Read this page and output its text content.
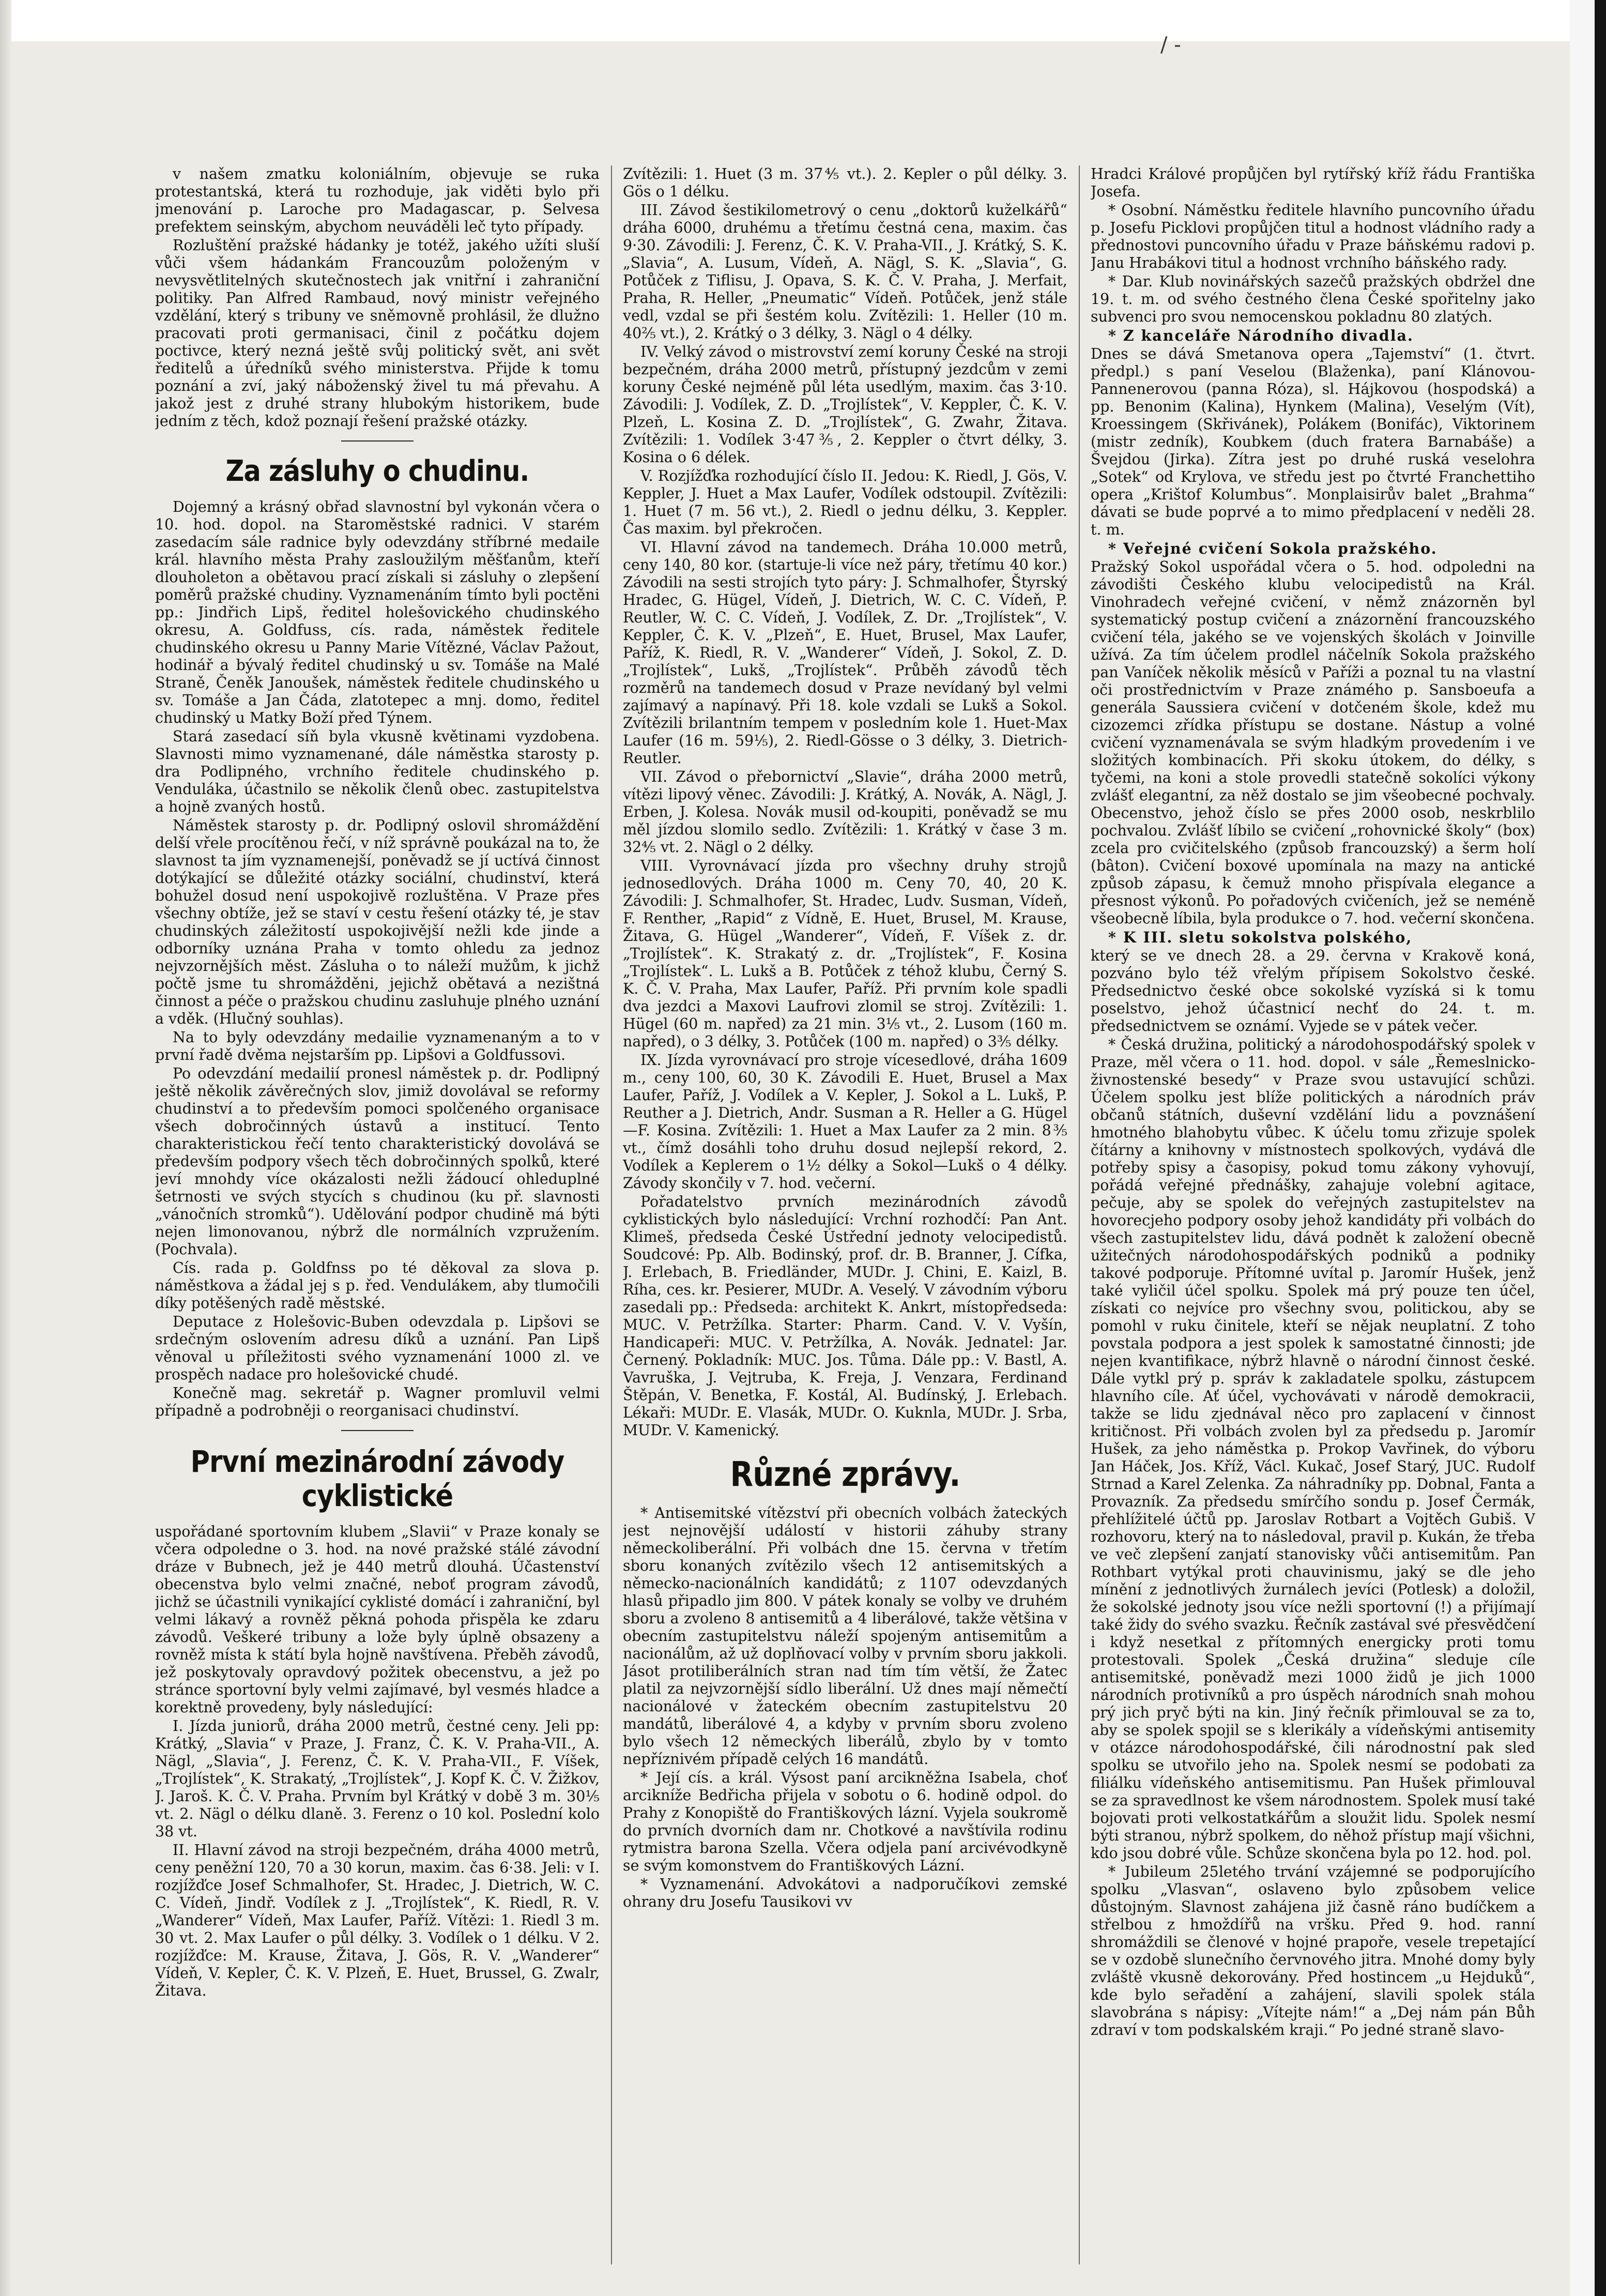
/ -

v našem zmatku koloniálním, objevuje se ruka protestantská, která tu rozhoduje, jak viděti bylo při jmenování p. Laroche pro Madagascar, p. Selvesa prefektem seinským, abychom neuváděli leč tyto případy.

Rozluštění pražské hádanky je totéž, jakého užíti sluší vůči všem hádankám Francouzům položeným v nevysvětlitelných skutečnostech jak vnitřní i zahraniční politiky. Pan Alfred Rambaud, nový ministr veřejného vzdělání, který s tribuny ve sněmovně prohlásil, že dlužno pracovati proti germanisaci, činil z počátku dojem poctivce, který nezná ještě svůj politický svět, ani svět ředitelů a úředníků svého ministerstva. Přijde k tomu poznání a zví, jaký náboženský živel tu má převahu. A jakož jest z druhé strany hlubokým historikem, bude jedním z těch, kdož poznají řešení pražské otázky.

Za zásluhy o chudinu.

Dojemný a krásný obřad slavnostní byl vykonán včera o 10. hod. dopol. na Staroměstské radnici. V starém zasedacím sále radnice byly odevzdány stříbrné medaile král. hlavního města Prahy zasloužilým měšťanům, kteří dlouholeton a obětavou prací získali si zásluhy o zlepšení poměrů pražské chudiny. Vyznamenáním tímto byli poctěni pp.: Jindřich Lipš, ředitel holešovického chudinského okresu, A. Goldfuss, cís. rada, náměstek ředitele chudinského okresu u Panny Marie Vítězné, Václav Pažout, hodinář a bývalý ředitel chudinský u sv. Tomáše na Malé Straně, Čeněk Janoušek, náměstek ředitele chudinského u sv. Tomáše a Jan Čáda, zlatotepec a mnj. domo, ředitel chudinský u Matky Boží před Týnem.

Stará zasedací síň byla vkusně květinami vyzdobena. Slavnosti mimo vyznamenané, dále náměstka starosty p. dra Podlipného, vrchního ředitele chudinského p. Venduláka, účastnilo se několik členů obec. zastupitelstva a hojně zvaných hostů.

Náměstek starosty p. dr. Podlipný oslovil shromáždění delší vřele procítěnou řečí, v níž správně poukázal na to, že slavnost ta jím vyznamenejší, poněvadž se jí uctívá činnost dotýkající se důležité otázky sociální, chudinství, která bohužel dosud není uspokojivě rozluštěna. V Praze přes všechny obtíže, jež se staví v cestu řešení otázky té, je stav chudinských záležitostí uspokojivější nežli kde jinde a odborníky uznána Praha v tomto ohledu za jednoz nejvzornějších měst. Zásluha o to náleží mužům, k jichž počtě jsme tu shromážděni, jejichž obětavá a nezištná činnost a péče o pražskou chudinu zasluhuje plného uznání a vděk. (Hlučný souhlas).

Na to byly odevzdány medailie vyznamenaným a to v první řadě dvěma nejstarším pp. Lipšovi a Goldfussovi.

Po odevzdání medailií pronesl náměstek p. dr. Podlipný ještě několik závěrečných slov, jimiž dovolával se reformy chudinství a to především pomoci spolčeného organisace všech dobročinných ústavů a institucí. Tento charakteristickou řečí tento charakteristický dovolává se především podpory všech těch dobročinných spolků, které jeví mnohdy více okázalosti nežli žádoucí ohleduplné šetrnosti ve svých stycích s chudinou (ku př. slavnosti „vánočních stromků“). Udělování podpor chudině má býti nejen limonovanou, nýbrž dle normálních vzpružením. (Pochvala).

Cís. rada p. Goldfnss po té děkoval za slova p. náměstkova a žádal jej s p. řed. Vendulákem, aby tlumočili díky potěšených radě městské.

Deputace z Holešovic-Buben odevzdala p. Lipšovi se srdečným oslovením adresu díků a uznání. Pan Lipš věnoval u příležitosti svého vyznamenání 1000 zl. ve prospěch nadace pro holešovické chudé.

Konečně mag. sekretář p. Wagner promluvil velmi případně a podrobněji o reorganisaci chudinství.

První mezinárodní závody cyklistické

uspořádané sportovním klubem „Slavii“ v Praze konaly se včera odpoledne o 3. hod. na nové pražské stálé závodní dráze v Bubnech, jež je 440 metrů dlouhá. Účastenství obecenstva bylo velmi značné, neboť program závodů, jichž se účastnili vynikající cyklisté domácí i zahraniční, byl velmi lákavý a rovněž pěkná pohoda přispěla ke zdaru závodů. Veškeré tribuny a lože byly úplně obsazeny a rovněž místa k státí byla hojně navštívena. Přeběh závodů, jež poskytovaly opravdový požitek obecenstvu, a jež po stránce sportovní byly velmi zajímavé, byl vesmés hladce a korektně provedeny, byly následující:

I. Jízda juniorů, dráha 2000 metrů, čestné ceny. Jeli pp: Krátký, „Slavia“ v Praze, J. Franz, Č. K. V. Praha-VII., A. Nägl, „Slavia“, J. Ferenz, Č. K. V. Praha-VII., F. Víšek, „Trojlístek“, K. Strakatý, „Trojlístek“, J. Kopf K. Č. V. Žižkov, J. Jaroš. K. Č. V. Praha. Prvním byl Krátký v době 3 m. 30⅕ vt. 2. Nägl o délku dlaně. 3. Ferenz o 10 kol. Poslední kolo 38 vt.

II. Hlavní závod na stroji bezpečném, dráha 4000 metrů, ceny peněžní 120, 70 a 30 korun, maxim. čas 6·38. Jeli: v I. rozjížďce Josef Schmalhofer, St. Hradec, J. Dietrich, W. C. C. Vídeň, Jindř. Vodílek z J. „Trojlístek“, K. Riedl, R. V. „Wanderer“ Vídeň, Max Laufer, Paříž. Vítězi: 1. Riedl 3 m. 30 vt. 2. Max Laufer o půl délky. 3. Vodílek o 1 délku. V 2. rozjížďce: M. Krause, Žitava, J. Gös, R. V. „Wanderer“ Vídeň, V. Kepler, Č. K. V. Plzeň, E. Huet, Brussel, G. Zwalr, Žitava.

Zvítězili: 1. Huet (3 m. 37⅘ vt.). 2. Kepler o půl délky. 3. Gös o 1 délku.

III. Závod šestikilometrový o cenu „doktorů kuželkářů“ dráha 6000, druhému a třetímu čestná cena, maxim. čas 9·30. Závodili: J. Ferenz, Č. K. V. Praha-VII., J. Krátký, S. K. „Slavia“, A. Lusum, Vídeň, A. Nägl, S. K. „Slavia“, G. Potůček z Tiflisu, J. Opava, S. K. Č. V. Praha, J. Merfait, Praha, R. Heller, „Pneumatic“ Vídeň. Potůček, jenž stále vedl, vzdal se při šestém kolu. Zvítězili: 1. Heller (10 m. 40⅖ vt.), 2. Krátký o 3 délky, 3. Nägl o 4 délky.

IV. Velký závod o mistrovství zemí koruny České na stroji bezpečném, dráha 2000 metrů, přístupný jezdcům v zemi koruny České nejméně půl léta usedlým, maxim. čas 3·10. Závodili: J. Vodílek, Z. D. „Trojlístek“, V. Keppler, Č. K. V. Plzeň, L. Kosina Z. D. „Trojlístek“, G. Zwahr, Žitava. Zvítězili: 1. Vodílek 3·47⅗, 2. Keppler o čtvrt délky, 3. Kosina o 6 délek.

V. Rozjížďka rozhodující číslo II. Jedou: K. Riedl, J. Gös, V. Keppler, J. Huet a Max Laufer, Vodílek odstoupil. Zvítězili: 1. Huet (7 m. 56 vt.), 2. Riedl o jednu délku, 3. Keppler. Čas maxim. byl překročen.

VI. Hlavní závod na tandemech. Dráha 10.000 metrů, ceny 140, 80 kor. (startuje-li více než páry, třetímu 40 kor.) Závodili na sesti strojích tyto páry: J. Schmalhofer, Štyrský Hradec, G. Hügel, Vídeň, J. Dietrich, W. C. C. Vídeň, P. Reutler, W. C. C. Vídeň, J. Vodílek, Z. Dr. „Trojlístek“, V. Keppler, Č. K. V. „Plzeň“, E. Huet, Brusel, Max Laufer, Paříž, K. Riedl, R. V. „Wanderer“ Vídeň, J. Sokol, Z. D. „Trojlístek“, Lukš, „Trojlístek“. Průběh závodů těch rozměrů na tandemech dosud v Praze nevídaný byl velmi zajímavý a napínavý. Při 18. kole vzdali se Lukš a Sokol. Zvítězili brilantním tempem v posledním kole 1. Huet-Max Laufer (16 m. 59⅕), 2. Riedl-Gösse o 3 délky, 3. Dietrich-Reutler.

VII. Závod o přebornictví „Slavie“, dráha 2000 metrů, vítězi lipový věnec. Závodili: J. Krátký, A. Novák, A. Nägl, J. Erben, J. Kolesa. Novák musil od-koupiti, poněvadž se mu měl jízdou slomilo sedlo. Zvítězili: 1. Krátký v čase 3 m. 32⅘ vt. 2. Nägl o 2 délky.

VIII. Vyrovnávací jízda pro všechny druhy strojů jednosedlových. Dráha 1000 m. Ceny 70, 40, 20 K. Závodili: J. Schmalhofer, St. Hradec, Ludv. Susman, Vídeň, F. Renther, „Rapid“ z Vídně, E. Huet, Brusel, M. Krause, Žitava, G. Hügel „Wanderer“, Vídeň, F. Víšek z. dr. „Trojlístek“. K. Strakatý z. dr. „Trojlístek“, F. Kosina „Trojlístek“. L. Lukš a B. Potůček z téhož klubu, Černý S. K. Č. V. Praha, Max Laufer, Paříž. Při prvním kole spadli dva jezdci a Maxovi Laufrovi zlomil se stroj. Zvítězili: 1. Hügel (60 m. napřed) za 21 min. 3⅕ vt., 2. Lusom (160 m. napřed), o 3 délky, 3. Potůček (100 m. napřed) o 3⅗ délky.

IX. Jízda vyrovnávací pro stroje vícesedlové, dráha 1609 m., ceny 100, 60, 30 K. Závodili E. Huet, Brusel a Max Laufer, Paříž, J. Vodílek a V. Kepler, J. Sokol a L. Lukš, P. Reuther a J. Dietrich, Andr. Susman a R. Heller a G. Hügel—F. Kosina. Zvítězili: 1. Huet a Max Laufer za 2 min. 8⅗ vt., čímž dosáhli toho druhu dosud nejlepší rekord, 2. Vodílek a Keplerem o 1½ délky a Sokol—Lukš o 4 délky. Závody skončily v 7. hod. večerní.

Pořadatelstvo prvních mezinárodních závodů cyklistických bylo následující: Vrchní rozhodčí: Pan Ant. Klimeš, předseda České Ústřední jednoty velocipedistů. Soudcové: Pp. Alb. Bodinský, prof. dr. B. Branner, J. Cífka, J. Erlebach, B. Friedländer, MUDr. J. Chini, E. Kaizl, B. Ríha, ces. kr. Pesierer, MUDr. A. Veselý. V závodním výboru zasedali pp.: Předseda: architekt K. Ankrt, místopředseda: MUC. V. Petržílka. Starter: Pharm. Cand. V. V. Vyšín, Handicapeři: MUC. V. Petržílka, A. Novák. Jednatel: Jar. Černený. Pokladník: MUC. Jos. Tůma. Dále pp.: V. Bastl, A. Vavruška, J. Vejtruba, K. Freja, J. Venzara, Ferdinand Štěpán, V. Benetka, F. Kostál, Al. Budínský, J. Erlebach. Lékaři: MUDr. E. Vlasák, MUDr. O. Kuknla, MUDr. J. Srba, MUDr. V. Kamenický.

Různé zprávy.

* Antisemitské vítězství při obecních volbách žateckých jest nejnovější událostí v historii záhuby strany německoliberální. Při volbách dne 15. června v třetím sboru konaných zvítězilo všech 12 antisemitských a německo-nacionálních kandidátů; z 1107 odevzdaných hlasů připadlo jim 800. V pátek konaly se volby ve druhém sboru a zvoleno 8 antisemitů a 4 liberálové, takže většina v obecním zastupitelstvu náleží spojeným antisemitům a nacionálům, až už doplňovací volby v prvním sboru jakkoli. Jásot protiliberálních stran nad tím tím větší, že Žatec platil za nejvzornější sídlo liberální. Už dnes mají němečtí nacionálové v žateckém obecním zastupitelstvu 20 mandátů, liberálové 4, a kdyby v prvním sboru zvoleno bylo všech 12 německých liberálů, zbylo by v tomto nepříznivém případě celých 16 mandátů.

* Její cís. a král. Výsost paní arcikněžna Isabela, choť arcikníže Bedřicha přijela v sobotu o 6. hodině odpol. do Prahy z Konopiště do Františkových lázní. Vyjela soukromě do prvních dvorních dam nr. Chotkové a navštívila rodinu rytmistra barona Szella. Včera odjela paní arcivévodkyně se svým komonstvem do Františkových Lázní.

* Vyznamenání. Advokátovi a nadporučíkovi zemské ohrany dru Josefu Tausikovi vv

Hradci Králové propůjčen byl rytířský kříž řádu Františka Josefa.

* Osobní. Náměstku ředitele hlavního puncovního úřadu p. Josefu Picklovi propůjčen titul a hodnost vládního rady a přednostovi puncovního úřadu v Praze báňskému radovi p. Janu Hrabákovi titul a hodnost vrchního báňského rady.

* Dar. Klub novinářských sazečů pražských obdržel dne 19. t. m. od svého čestného člena České spořitelny jako subvenci pro svou nemocenskou pokladnu 80 zlatých.

* Z kanceláře Národního divadla.

Dnes se dává Smetanova opera „Tajemství“ (1. čtvrt. předpl.) s paní Veselou (Blaženka), paní Klánovou-Pannenerovou (panna Róza), sl. Hájkovou (hospodská) a pp. Benonim (Kalina), Hynkem (Malina), Veselým (Vít), Kroessingem (Skřivánek), Polákem (Bonifác), Viktorinem (mistr zedník), Koubkem (duch fratera Barnabáše) a Švejdou (Jirka). Zítra jest po druhé ruská veselohra „Sotek“ od Krylova, ve středu jest po čtvrté Franchettiho opera „Krištof Kolumbus“. Monplaisirův balet „Brahma“ dávati se bude poprvé a to mimo předplacení v neděli 28. t. m.

* Veřejné cvičení Sokola pražského.

Pražský Sokol uspořádal včera o 5. hod. odpoledni na závodišti Českého klubu velocipedistů na Král. Vinohradech veřejné cvičení, v němž znázorněn byl systematický postup cvičení a znázornění francouzského cvičení téla, jakého se ve vojenských školách v Joinville užívá. Za tím účelem prodlel náčelník Sokola pražského pan Vaníček několik měsíců v Paříži a poznal tu na vlastní oči prostřednictvím v Praze známého p. Sansboeufa a generála Saussiera cvičení v dotčeném škole, kdež mu cizozemci zřídka přístupu se dostane. Nástup a volné cvičení vyznamenávala se svým hladkým provedením i ve složitých kombinacích. Při skoku útokem, do délky, s tyčemi, na koni a stole provedli statečně sokolíci výkony zvlášť elegantní, za něž dostalo se jim všeobecné pochvaly. Obecenstvo, jehož číslo se přes 2000 osob, neskrblilo pochvalou. Zvlášť líbilo se cvičení „rohovnické školy“ (box) zcela pro cvičitelského (způsob francouzský) a šerm holí (bâton). Cvičení boxové upomínala na mazy na antické způsob zápasu, k čemuž mnoho přispívala elegance a přesnost výkonů. Po pořadových cvičeních, jež se neméně všeobecně líbila, byla produkce o 7. hod. večerní skončena.

* K III. sletu sokolstva polského,

který se ve dnech 28. a 29. června v Krakově koná, pozváno bylo též vřelým přípisem Sokolstvo české. Předsednictvo české obce sokolské vyzíská si k tomu poselstvo, jehož účastnicí nechť do 24. t. m. předsednictvem se oznámí. Vyjede se v pátek večer.

* Česká družina, politický a národohospodářský spolek v Praze, měl včera o 11. hod. dopol. v sále „Řemeslnicko-živnostenské besedy“ v Praze svou ustavující schůzi. Účelem spolku jest blíže politických a národních práv občanů státních, duševní vzdělání lidu a povznášení hmotného blahobytu vůbec. K účelu tomu zřizuje spolek čítárny a knihovny v místnostech spolkových, vydává dle potřeby spisy a časopisy, pokud tomu zákony vyhovují, pořádá veřejné přednášky, zahajuje volební agitace, pečuje, aby se spolek do veřejných zastupitelstev na hovorecjeho podpory osoby jehož kandidáty při volbách do všech zastupitelstev lidu, dává podnět k založení obecně užitečných národohospodářských podniků a podniky takové podporuje. Přítomné uvítal p. Jaromír Hušek, jenž také vyličil účel spolku. Spolek má prý pouze ten účel, získati co nejvíce pro všechny svou, politickou, aby se pomohl v ruku činitele, kteří se nějak neuplatní. Z toho povstala podpora a jest spolek k samostatné činnosti; jde nejen kvantifikace, nýbrž hlavně o národní činnost české. Dále vytkl prý p. správ k zakladatele spolku, zástupcem hlavního cíle. Ať účel, vychovávati v národě demokracii, takže se lidu zjednával něco pro zaplacení v činnost kritičnost. Při volbách zvolen byl za předsedu p. Jaromír Hušek, za jeho náměstka p. Prokop Vavřinek, do výboru Jan Háček, Jos. Kříž, Václ. Kukač, Josef Starý, JUC. Rudolf Strnad a Karel Zelenka. Za náhradníky pp. Dobnal, Fanta a Provazník. Za předsedu smírčího sondu p. Josef Čermák, přehlížitelé účtů pp. Jaroslav Rotbart a Vojtěch Gubiš. V rozhovoru, který na to následoval, pravil p. Kukán, že třeba ve več zlepšení zanjatí stanovisky vůči antisemitům. Pan Rothbart vytýkal proti chauvinismu, jaký se dle jeho mínění z jednotlivých žurnálech jevíci (Potlesk) a doložil, že sokolské jednoty jsou více nežli sportovní (!) a přijímají také židy do svého svazku. Řečník zastával své přesvědčení i když nesetkal z přítomných energicky proti tomu protestovali. Spolek „Česká družina“ sleduje cíle antisemitské, poněvadž mezi 1000 židů je jich 1000 národních protivníků a pro úspěch národních snah mohou prý jich pryč býti na kin. Jiný řečník přimlouval se za to, aby se spolek spojil se s klerikály a vídeňskými antisemity v otázce národohospodářské, čili národnostní pak sled spolku se utvořilo jeho na. Spolek nesmí se podobati za filiálku vídeňského antisemitismu. Pan Hušek přimlouval se za spravedlnost ke všem národnostem. Spolek musí také bojovati proti velkostatkářům a sloužit lidu. Spolek nesmí býti stranou, nýbrž spolkem, do něhož přístup mají všichni, kdo jsou dobré vůle. Schůze skončena byla po 12. hod. pol.

* Jubileum 25letého trvání vzájemné se podporujícího spolku „Vlasvan“, oslaveno bylo způsobem velice důstojným. Slavnost zahájena již časně ráno budíčkem a střelbou z hmoždířů na vršku. Před 9. hod. ranní shromáždili se členové v hojné prapoře, vesele trepetající se v ozdobě slunečního červnového jitra. Mnohé domy byly zvláště vkusně dekorovány. Před hostincem „u Hejduků“, kde bylo seřadění a zahájení, slavili spolek stála slavobrána s nápisy: „Vítejte nám!“ a „Dej nám pán Bůh zdraví v tom podskalském kraji.“ Po jedné straně slavo-
